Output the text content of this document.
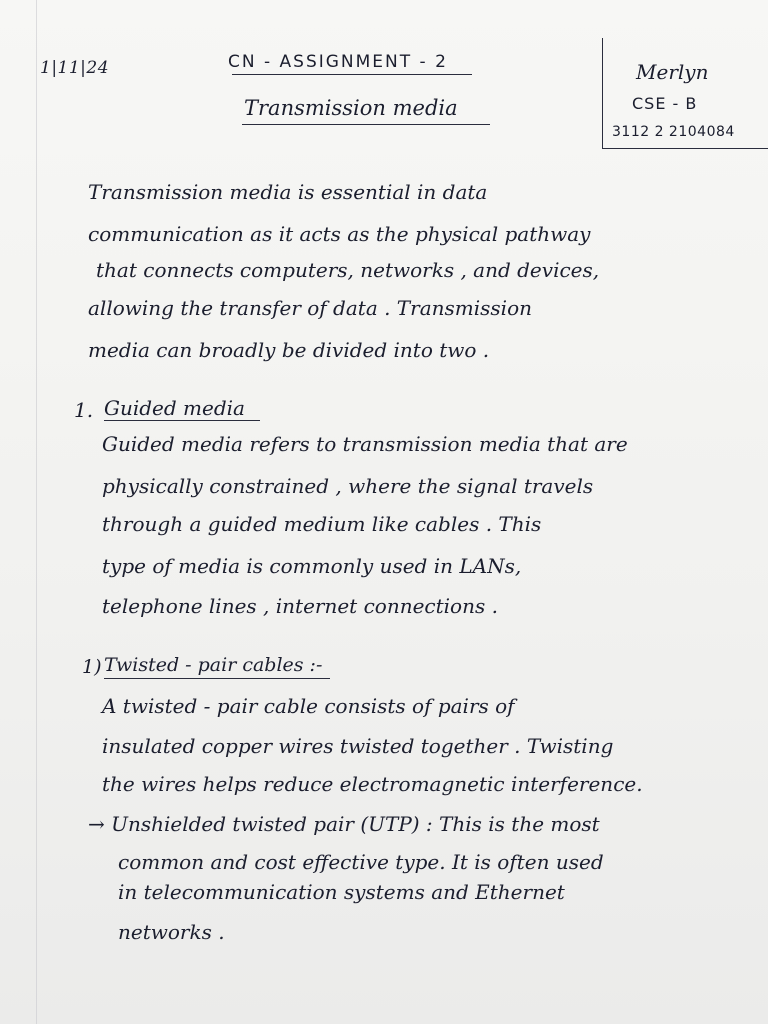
1|11|24	CN - ASSIGNMENT - 2
Transmission media
Merlyn
CSE - B
3112 2 2104084
Transmission media is essential in data
communication as it acts as the physical pathway
that connects computers, networks , and devices,
allowing the transfer of data . Transmission
media can broadly be divided into two .
1. Guided media
Guided media refers to transmission media that are
physically constrained , where the signal travels
through a guided medium like cables . This
type of media is commonly used in LANs,
telephone lines , internet connections .
1) Twisted - pair cables :-
A twisted - pair cable consists of pairs of
insulated copper wires twisted together . Twisting
the wires helps reduce electromagnetic interference.
→ Unshielded twisted pair (UTP) : This is the most
common and cost effective type. It is often used
in telecommunication systems and Ethernet
networks .
